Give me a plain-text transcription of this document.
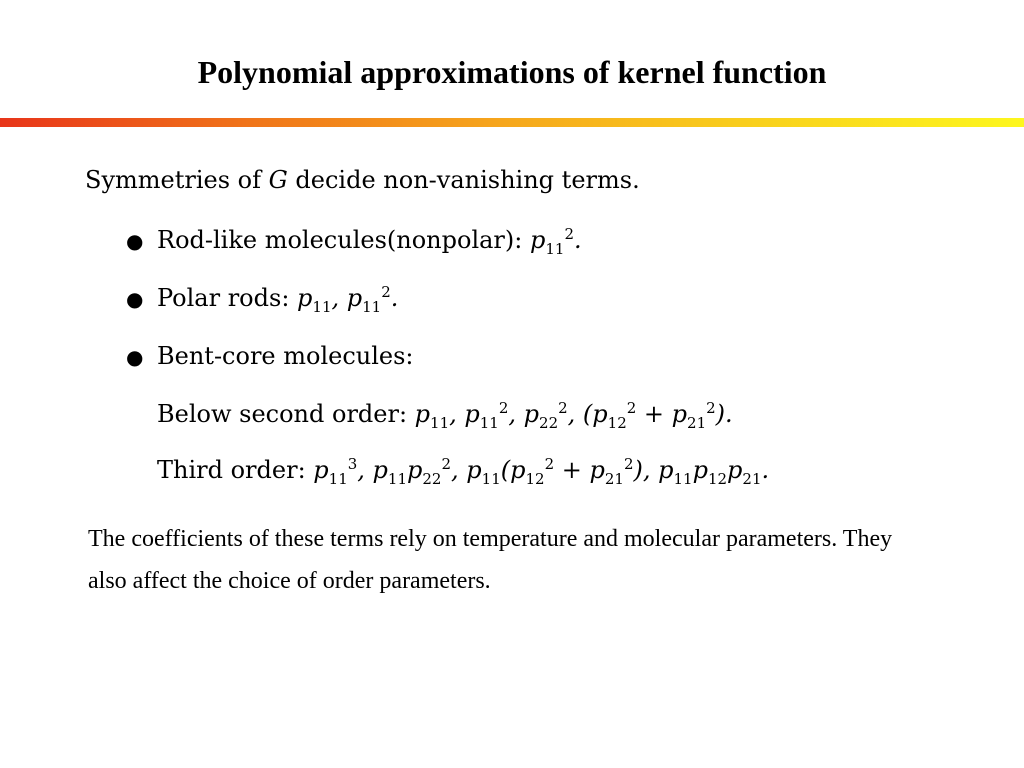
Polynomial approximations of kernel function
Symmetries of G decide non-vanishing terms.
● Rod-like molecules(nonpolar): $p_{11}^2$.
● Polar rods: $p_{11}$, $p_{11}^2$.
● Bent-core molecules:
Below second order: $p_{11}$, $p_{11}^2$, $p_{22}^2$, $(p_{12}^2 + p_{21}^2)$.
Third order: $p_{11}^3$, $p_{11}p_{22}^2$, $p_{11}(p_{12}^2 + p_{21}^2)$, $p_{11}p_{12}p_{21}$.
The coefficients of these terms rely on temperature and molecular parameters. They also affect the choice of order parameters.
